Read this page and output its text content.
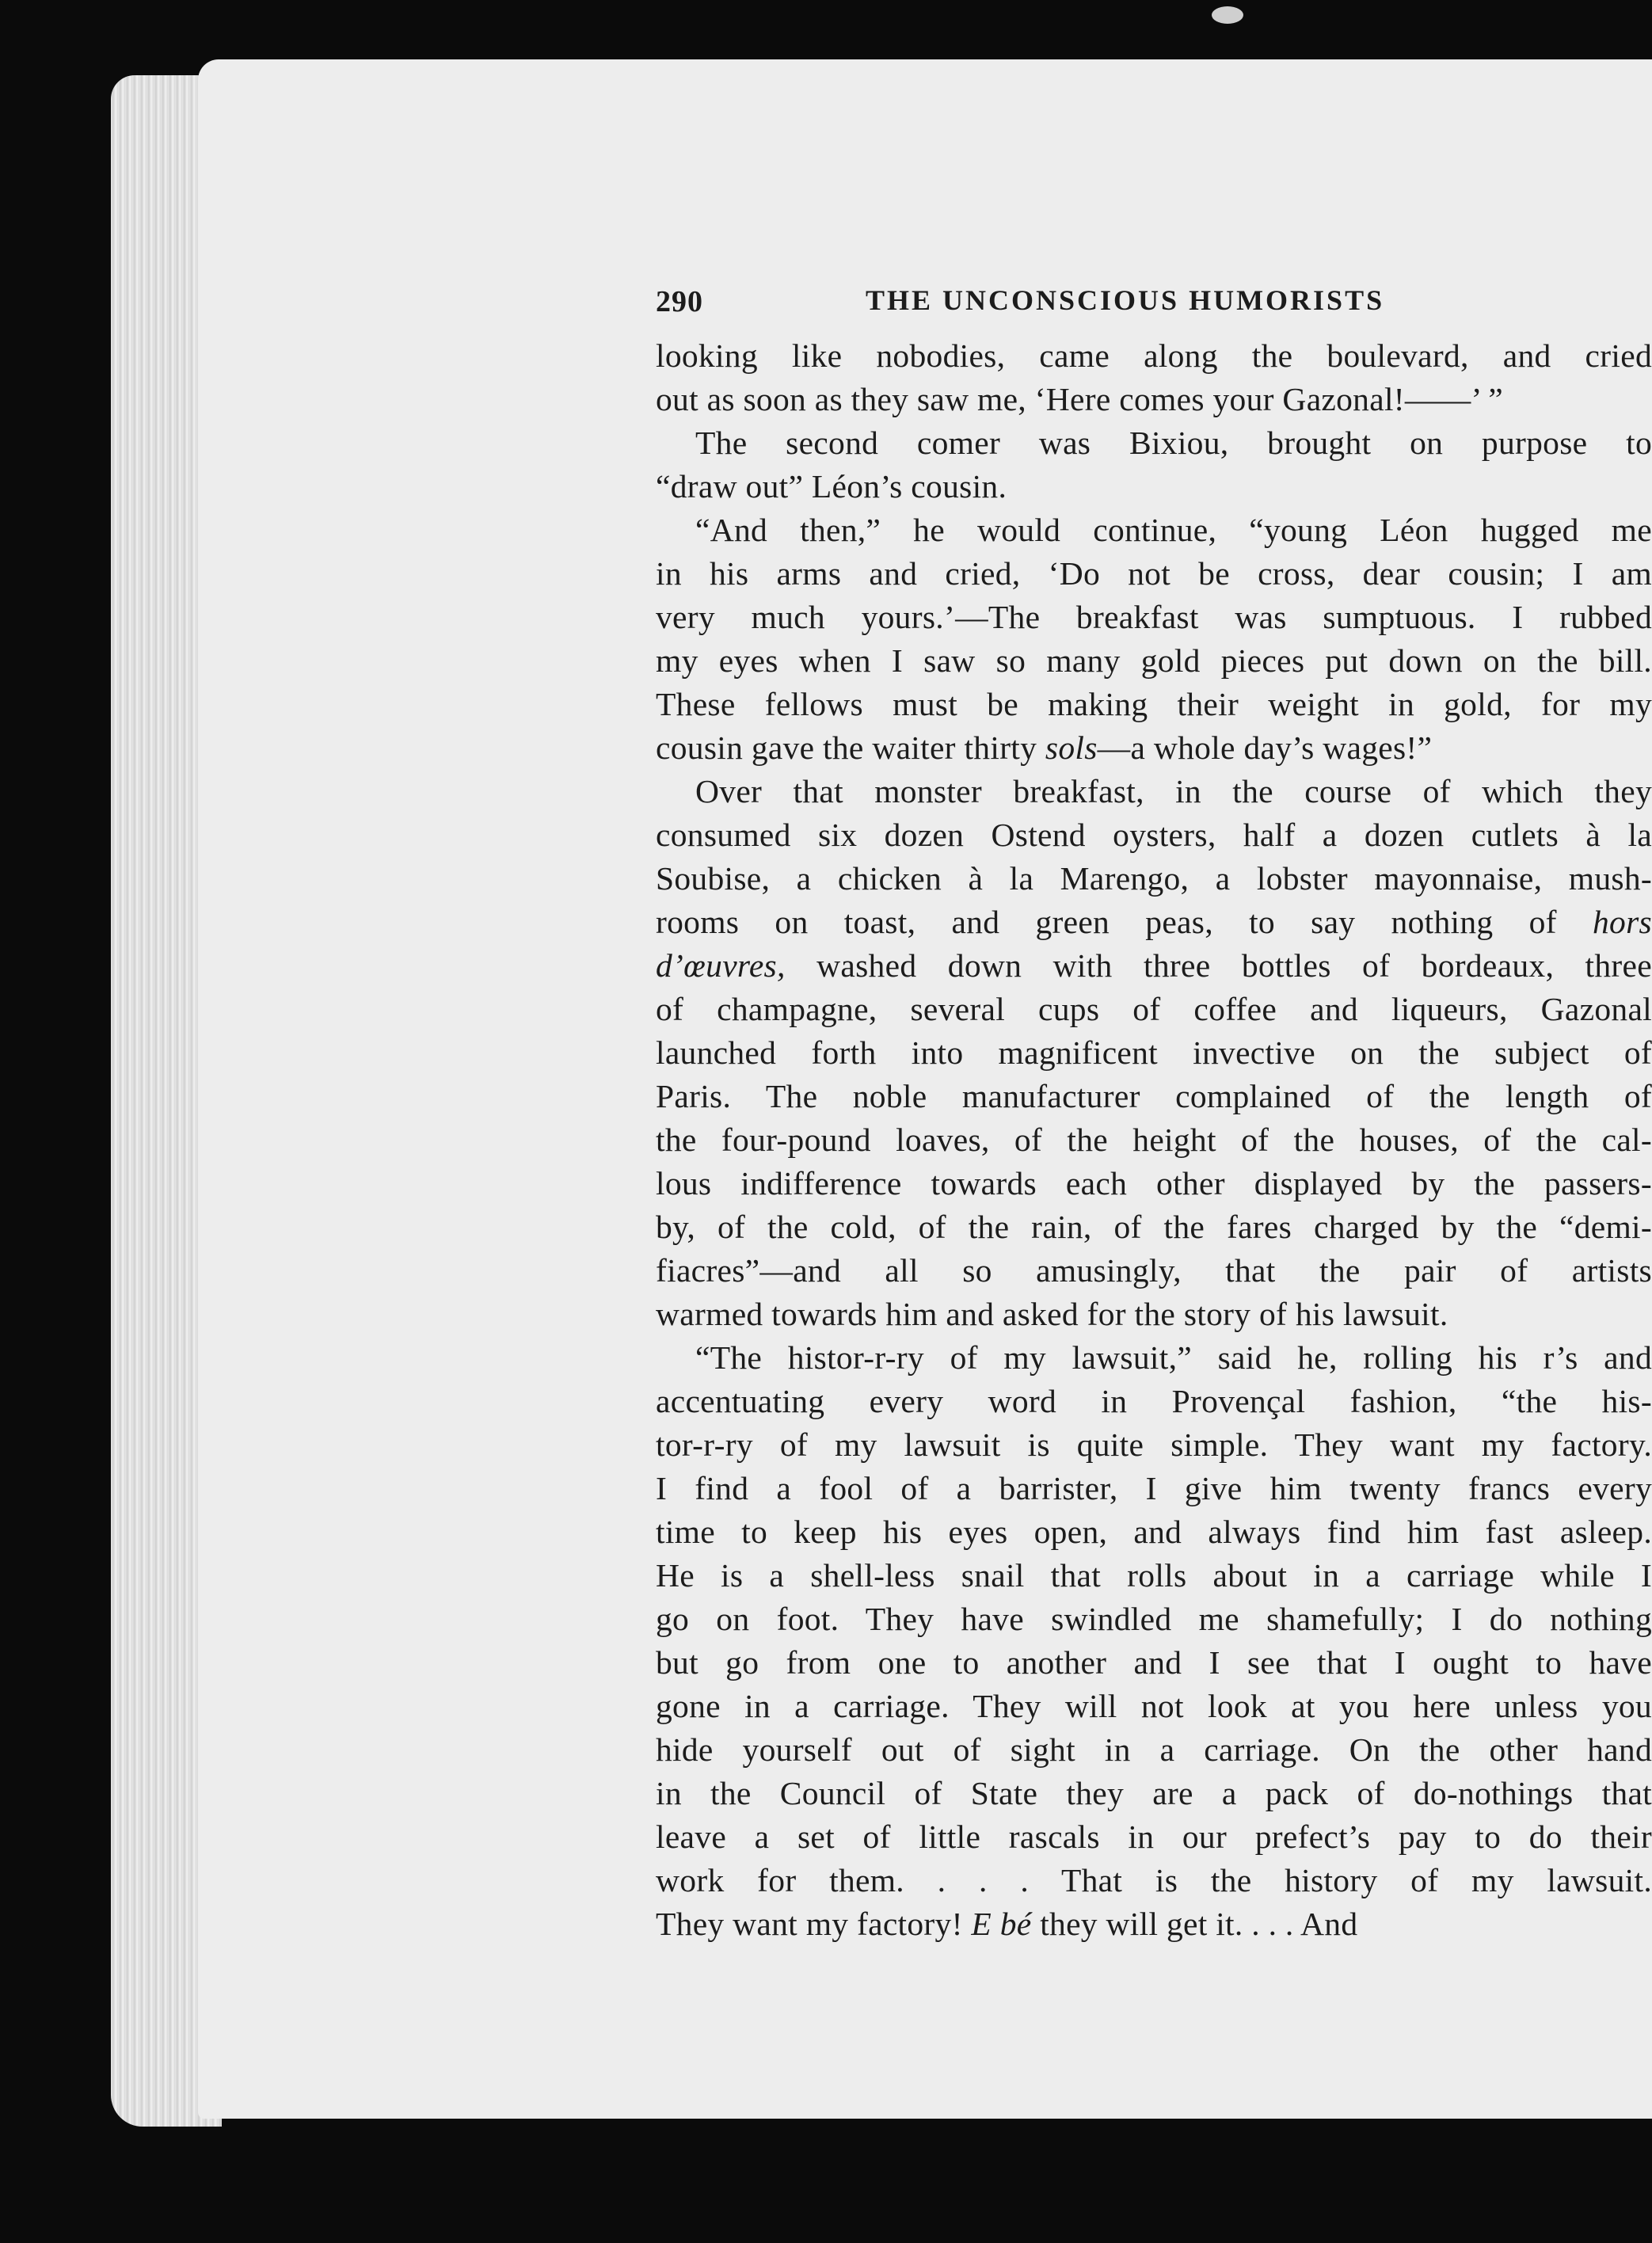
290	THE UNCONSCIOUS HUMORISTS
looking like nobodies, came along the boulevard, and cried
out as soon as they saw me, ‘Here comes your Gazonal!——’ ”
The second comer was Bixiou, brought on purpose to
“draw out” Léon’s cousin.
“And then,” he would continue, “young Léon hugged me
in his arms and cried, ‘Do not be cross, dear cousin; I am
very much yours.’—The breakfast was sumptuous. I rubbed
my eyes when I saw so many gold pieces put down on the bill.
These fellows must be making their weight in gold, for my
cousin gave the waiter thirty sols—a whole day’s wages!”
Over that monster breakfast, in the course of which they
consumed six dozen Ostend oysters, half a dozen cutlets à la
Soubise, a chicken à la Marengo, a lobster mayonnaise, mush-
rooms on toast, and green peas, to say nothing of hors
d’œuvres, washed down with three bottles of bordeaux, three
of champagne, several cups of coffee and liqueurs, Gazonal
launched forth into magnificent invective on the subject of
Paris. The noble manufacturer complained of the length of
the four-pound loaves, of the height of the houses, of the cal-
lous indifference towards each other displayed by the passers-
by, of the cold, of the rain, of the fares charged by the “demi-
fiacres”—and all so amusingly, that the pair of artists
warmed towards him and asked for the story of his lawsuit.
“The histor-r-ry of my lawsuit,” said he, rolling his r’s and
accentuating every word in Provençal fashion, “the his-
tor-r-ry of my lawsuit is quite simple. They want my factory.
I find a fool of a barrister, I give him twenty francs every
time to keep his eyes open, and always find him fast asleep.
He is a shell-less snail that rolls about in a carriage while I
go on foot. They have swindled me shamefully; I do nothing
but go from one to another and I see that I ought to have
gone in a carriage. They will not look at you here unless you
hide yourself out of sight in a carriage. On the other hand
in the Council of State they are a pack of do-nothings that
leave a set of little rascals in our prefect’s pay to do their
work for them. . . . That is the history of my lawsuit.
They want my factory! E bé they will get it. . . . And
